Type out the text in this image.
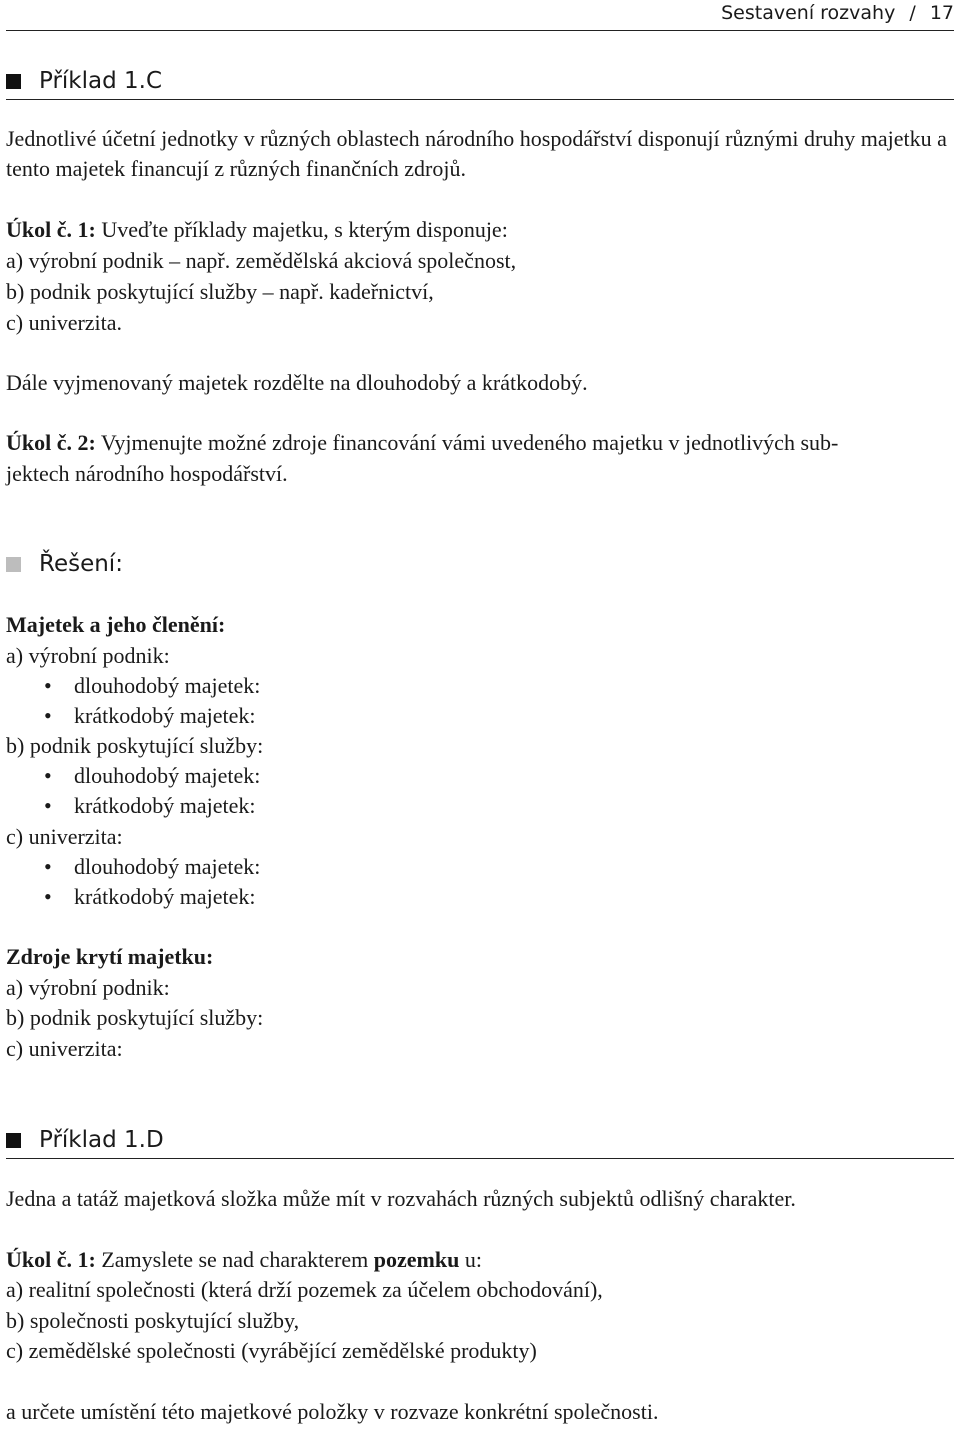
Sestavení rozvahy / 17
Příklad 1.C
Jednotlivé účetní jednotky v různých oblastech národního hospodářství disponují různými druhy majetku a tento majetek financují z různých finančních zdrojů.
Úkol č. 1: Uveďte příklady majetku, s kterým disponuje:
a) výrobní podnik – např. zemědělská akciová společnost,
b) podnik poskytující služby – např. kadeřnictví,
c) univerzita.
Dále vyjmenovaný majetek rozdělte na dlouhodobý a krátkodobý.
Úkol č. 2: Vyjmenujte možné zdroje financování vámi uvedeného majetku v jednotlivých sub-
jektech národního hospodářství.
Řešení:
Majetek a jeho členění:
a) výrobní podnik:
• dlouhodobý majetek:
• krátkodobý majetek:
b) podnik poskytující služby:
• dlouhodobý majetek:
• krátkodobý majetek:
c) univerzita:
• dlouhodobý majetek:
• krátkodobý majetek:
Zdroje krytí majetku:
a) výrobní podnik:
b) podnik poskytující služby:
c) univerzita:
Příklad 1.D
Jedna a tatáž majetková složka může mít v rozvahách různých subjektů odlišný charakter.
Úkol č. 1: Zamyslete se nad charakterem pozemku u:
a) realitní společnosti (která drží pozemek za účelem obchodování),
b) společnosti poskytující služby,
c) zemědělské společnosti (vyrábějící zemědělské produkty)
a určete umístění této majetkové položky v rozvaze konkrétní společnosti.
